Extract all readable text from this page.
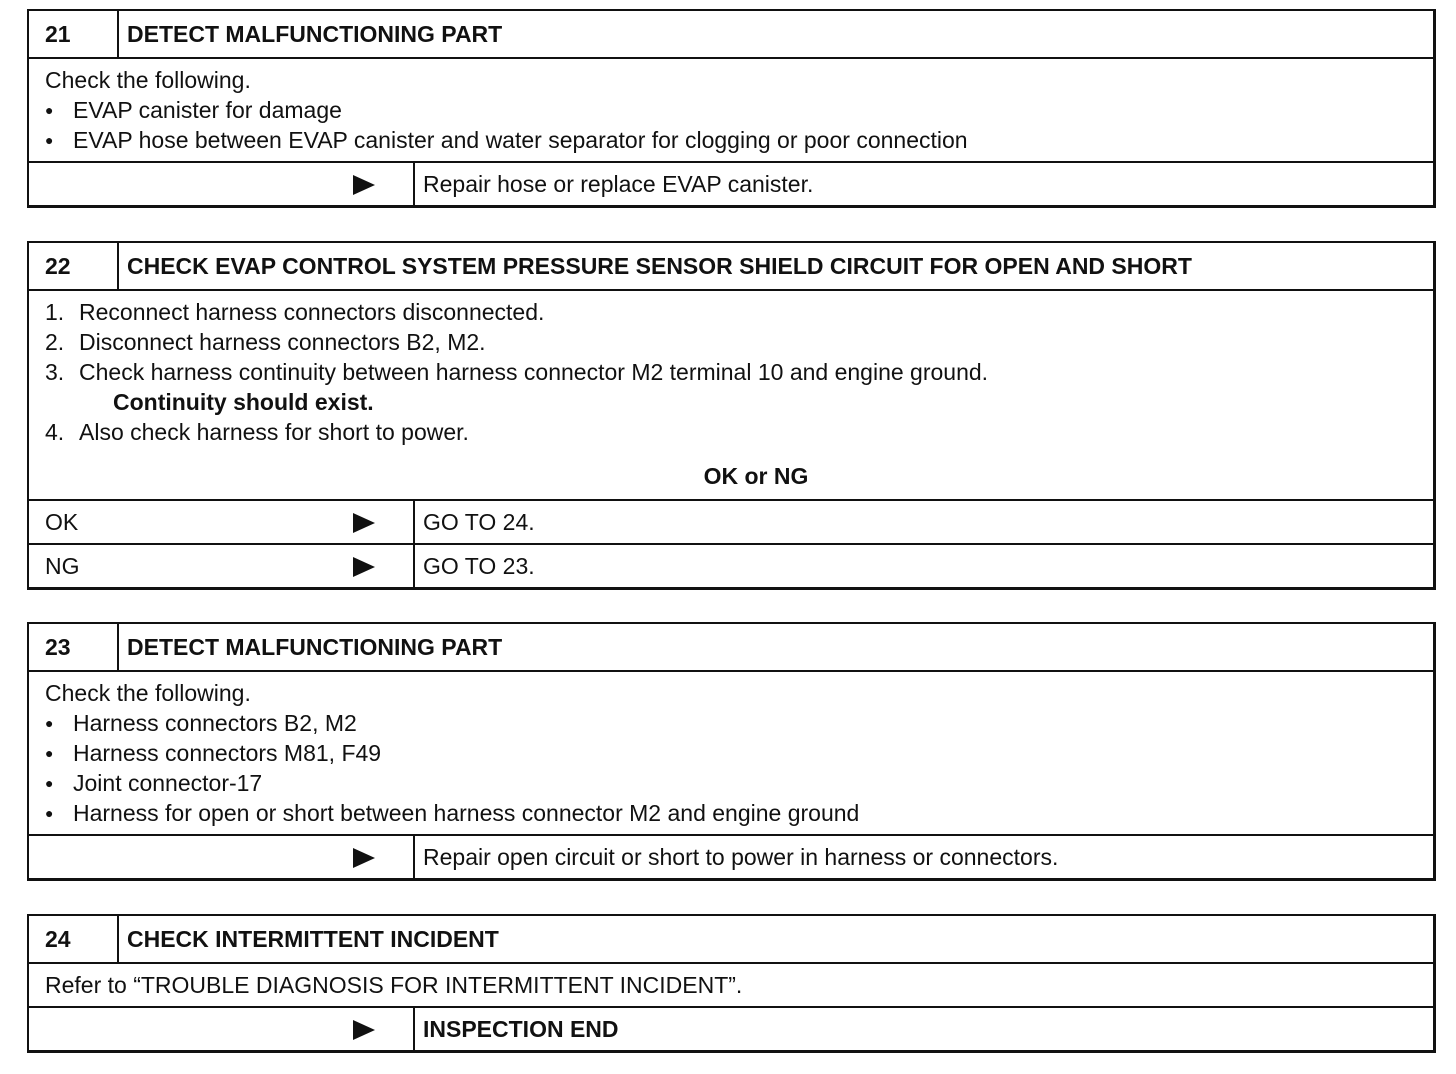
21	DETECT MALFUNCTIONING PART
Check the following.
● EVAP canister for damage
● EVAP hose between EVAP canister and water separator for clogging or poor connection
Repair hose or replace EVAP canister.
22	CHECK EVAP CONTROL SYSTEM PRESSURE SENSOR SHIELD CIRCUIT FOR OPEN AND SHORT
1. Reconnect harness connectors disconnected.
2. Disconnect harness connectors B2, M2.
3. Check harness continuity between harness connector M2 terminal 10 and engine ground.
Continuity should exist.
4. Also check harness for short to power.
OK or NG
OK	GO TO 24.
NG	GO TO 23.
23	DETECT MALFUNCTIONING PART
Check the following.
● Harness connectors B2, M2
● Harness connectors M81, F49
● Joint connector-17
● Harness for open or short between harness connector M2 and engine ground
Repair open circuit or short to power in harness or connectors.
24	CHECK INTERMITTENT INCIDENT
Refer to “TROUBLE DIAGNOSIS FOR INTERMITTENT INCIDENT”.
INSPECTION END
